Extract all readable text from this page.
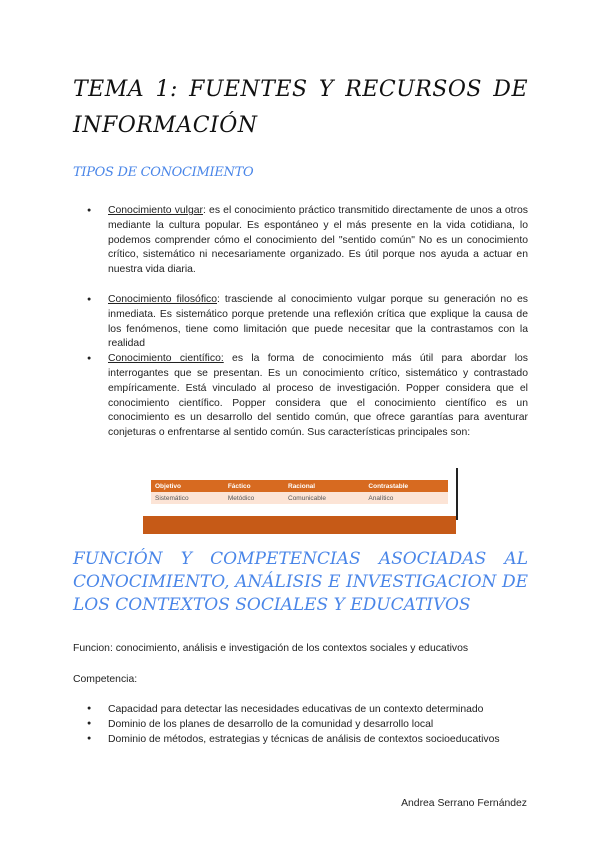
TEMA 1: FUENTES Y RECURSOS DE INFORMACIÓN
TIPOS DE CONOCIMIENTO
● Conocimiento vulgar: es el conocimiento práctico transmitido directamente de unos a otros mediante la cultura popular. Es espontáneo y el más presente en la vida cotidiana, lo podemos comprender cómo el conocimiento del "sentido común" No es un conocimiento crítico, sistemático ni necesariamente organizado. Es útil porque nos ayuda a actuar en nuestra vida diaria.
● Conocimiento filosófico: trasciende al conocimiento vulgar porque su generación no es inmediata. Es sistemático porque pretende una reflexión crítica que explique la causa de los fenómenos, tiene como limitación que puede necesitar que la contrastamos con la realidad
● Conocimiento científico: es la forma de conocimiento más útil para abordar los interrogantes que se presentan. Es un conocimiento crítico, sistemático y contrastado empíricamente. Está vinculado al proceso de investigación. Popper considera que el conocimiento científico. Popper considera que el conocimiento científico es un conocimiento es un desarrollo del sentido común, que ofrece garantías para aventurar conjeturas o enfrentarse al sentido común. Sus características principales son:
Objetivo	Fáctico	Racional	Contrastable
Sistemático	Metódico	Comunicable	Analítico
FUNCIÓN Y COMPETENCIAS ASOCIADAS AL CONOCIMIENTO, ANÁLISIS E INVESTIGACION DE LOS CONTEXTOS SOCIALES Y EDUCATIVOS
Funcion: conocimiento, análisis e investigación de los contextos sociales y educativos
Competencia:
● Capacidad para detectar las necesidades educativas de un contexto determinado
● Dominio de los planes de desarrollo de la comunidad y desarrollo local
● Dominio de métodos, estrategias y técnicas de análisis de contextos socioeducativos
Andrea Serrano Fernández
